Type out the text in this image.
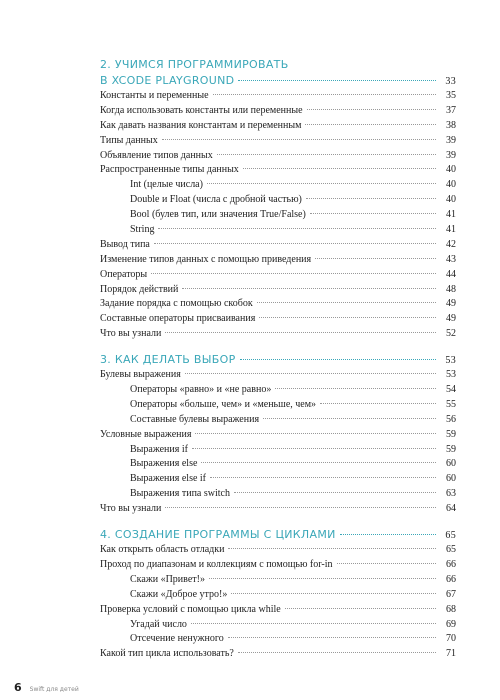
2. УЧИМСЯ ПРОГРАММИРОВАТЬ
В XCODE PLAYGROUND	33
Константы и переменные	35
Когда использовать константы или переменные	37
Как давать названия константам и переменным	38
Типы данных	39
Объявление типов данных	39
Распространенные типы данных	40
Int (целые числа)	40
Double и Float (числа с дробной частью)	40
Bool (булев тип, или значения True/False)	41
String	41
Вывод типа	42
Изменение типов данных с помощью приведения	43
Операторы	44
Порядок действий	48
Задание порядка с помощью скобок	49
Составные операторы присваивания	49
Что вы узнали	52
3. КАК ДЕЛАТЬ ВЫБОР	53
Булевы выражения	53
Операторы «равно» и «не равно»	54
Операторы «больше, чем» и «меньше, чем»	55
Составные булевы выражения	56
Условные выражения	59
Выражения if	59
Выражения else	60
Выражения else if	60
Выражения типа switch	63
Что вы узнали	64
4. СОЗДАНИЕ ПРОГРАММЫ С ЦИКЛАМИ	65
Как открыть область отладки	65
Проход по диапазонам и коллекциям с помощью for-in	66
Скажи «Привет!»	66
Скажи «Доброе утро!»	67
Проверка условий с помощью цикла while	68
Угадай число	69
Отсечение ненужного	70
Какой тип цикла использовать?	71
6 Swift для детей
